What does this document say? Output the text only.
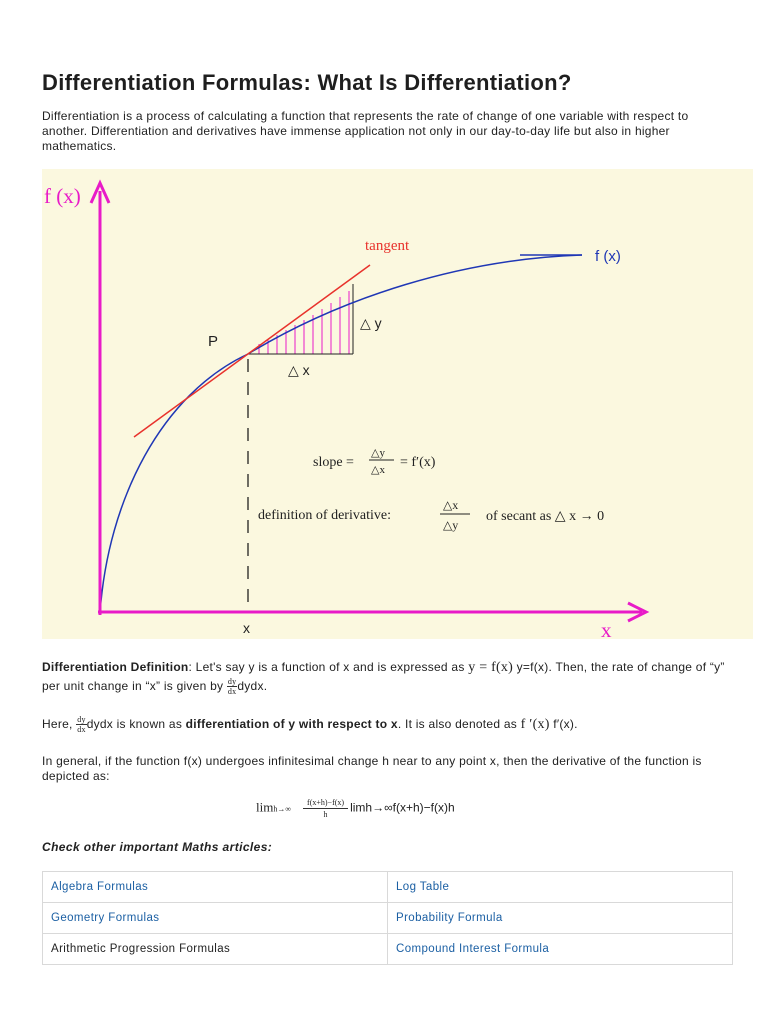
Differentiation Formulas: What Is Differentiation?

Differentiation is a process of calculating a function that represents the rate of change of one variable with respect to another. Differentiation and derivatives have immense application not only in our day-to-day life but also in higher mathematics.

f (x)
x
x
f (x)
tangent
P
△ y
△ x
slope =
△y
△x = f′(x)
definition of derivative:
△x
△y
of secant as △ x → 0

Differentiation Definition: Let's say y is a function of x and is expressed as y = f(x) y=f(x). Then, the rate of change of “y” per unit change in “x” is given by $\frac{dy}{dx}$ dydx.

Here, $\frac{dy}{dx}$ dydx is known as differentiation of y with respect to x. It is also denoted as f ′(x) f′(x).

In general, if the function f(x) undergoes infinitesimal change h near to any point x, then the derivative of the function is depicted as:

$\lim h\to\infty \frac{f(x+h)-f(x)}{h} \lim h\to\infty f(x+h)-f(x)h$

Check other important Maths articles:

Algebra Formulas	Log Table
Geometry Formulas	Probability Formula
Arithmetic Progression Formulas	Compound Interest Formula
